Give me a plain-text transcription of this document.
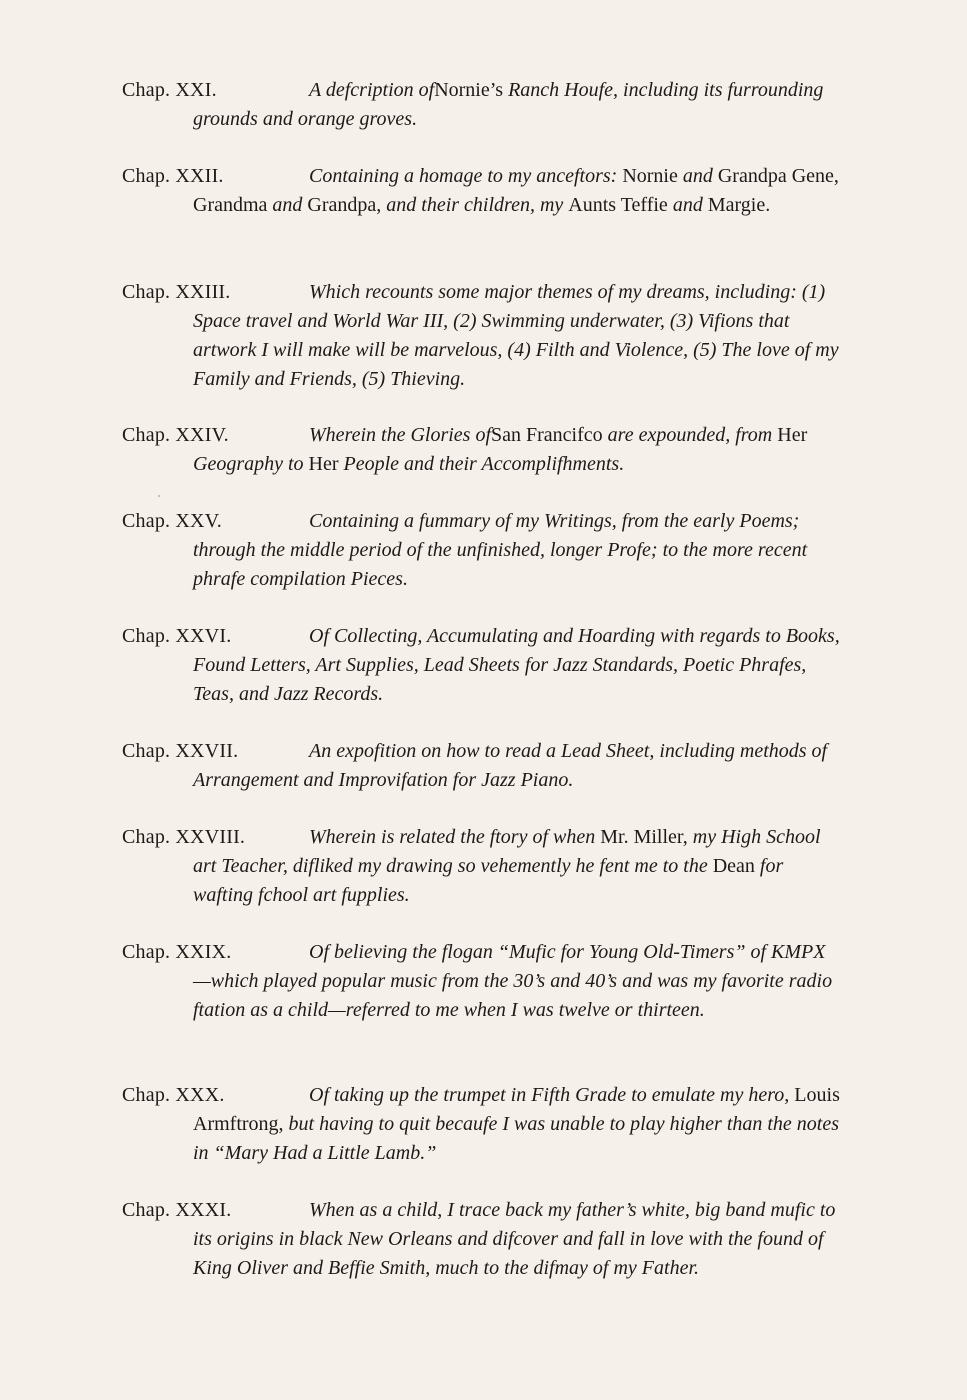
Chap. XXI.	A defcription ofNornie’s Ranch Houfe, including its furrounding grounds and orange groves.
Chap. XXII.	Containing a homage to my anceftors: Nornie and Grandpa Gene, Grandma and Grandpa, and their children, my Aunts Teffie and Margie.
Chap. XXIII.	Which recounts some major themes of my dreams, including: (1) Space travel and World War III, (2) Swimming underwater, (3) Vifions that artwork I will make will be marvelous, (4) Filth and Violence, (5) The love of my Family and Friends, (5) Thieving.
Chap. XXIV.	Wherein the Glories ofSan Francifco are expounded, from Her Geography to Her People and their Accomplifhments.
Chap. XXV.	Containing a fummary of my Writings, from the early Poems; through the middle period of the unfinished, longer Profe; to the more recent phrafe compilation Pieces.
Chap. XXVI.	Of Collecting, Accumulating and Hoarding with regards to Books, Found Letters, Art Supplies, Lead Sheets for Jazz Standards, Poetic Phrafes, Teas, and Jazz Records.
Chap. XXVII.	An expofition on how to read a Lead Sheet, including methods of Arrangement and Improvifation for Jazz Piano.
Chap. XXVIII.	Wherein is related the ftory of when Mr. Miller, my High School art Teacher, difliked my drawing so vehemently he fent me to the Dean for wafting fchool art fupplies.
Chap. XXIX.	Of believing the flogan “Mufic for Young Old-Timers” of KMPX—which played popular music from the 30’s and 40’s and was my favorite radio ftation as a child—referred to me when I was twelve or thirteen.
Chap. XXX.	Of taking up the trumpet in Fifth Grade to emulate my hero, Louis Armftrong, but having to quit becaufe I was unable to play higher than the notes in “Mary Had a Little Lamb.”
Chap. XXXI.	When as a child, I trace back my father’s white, big band mufic to its origins in black New Orleans and difcover and fall in love with the found of King Oliver and Beffie Smith, much to the difmay of my Father.
